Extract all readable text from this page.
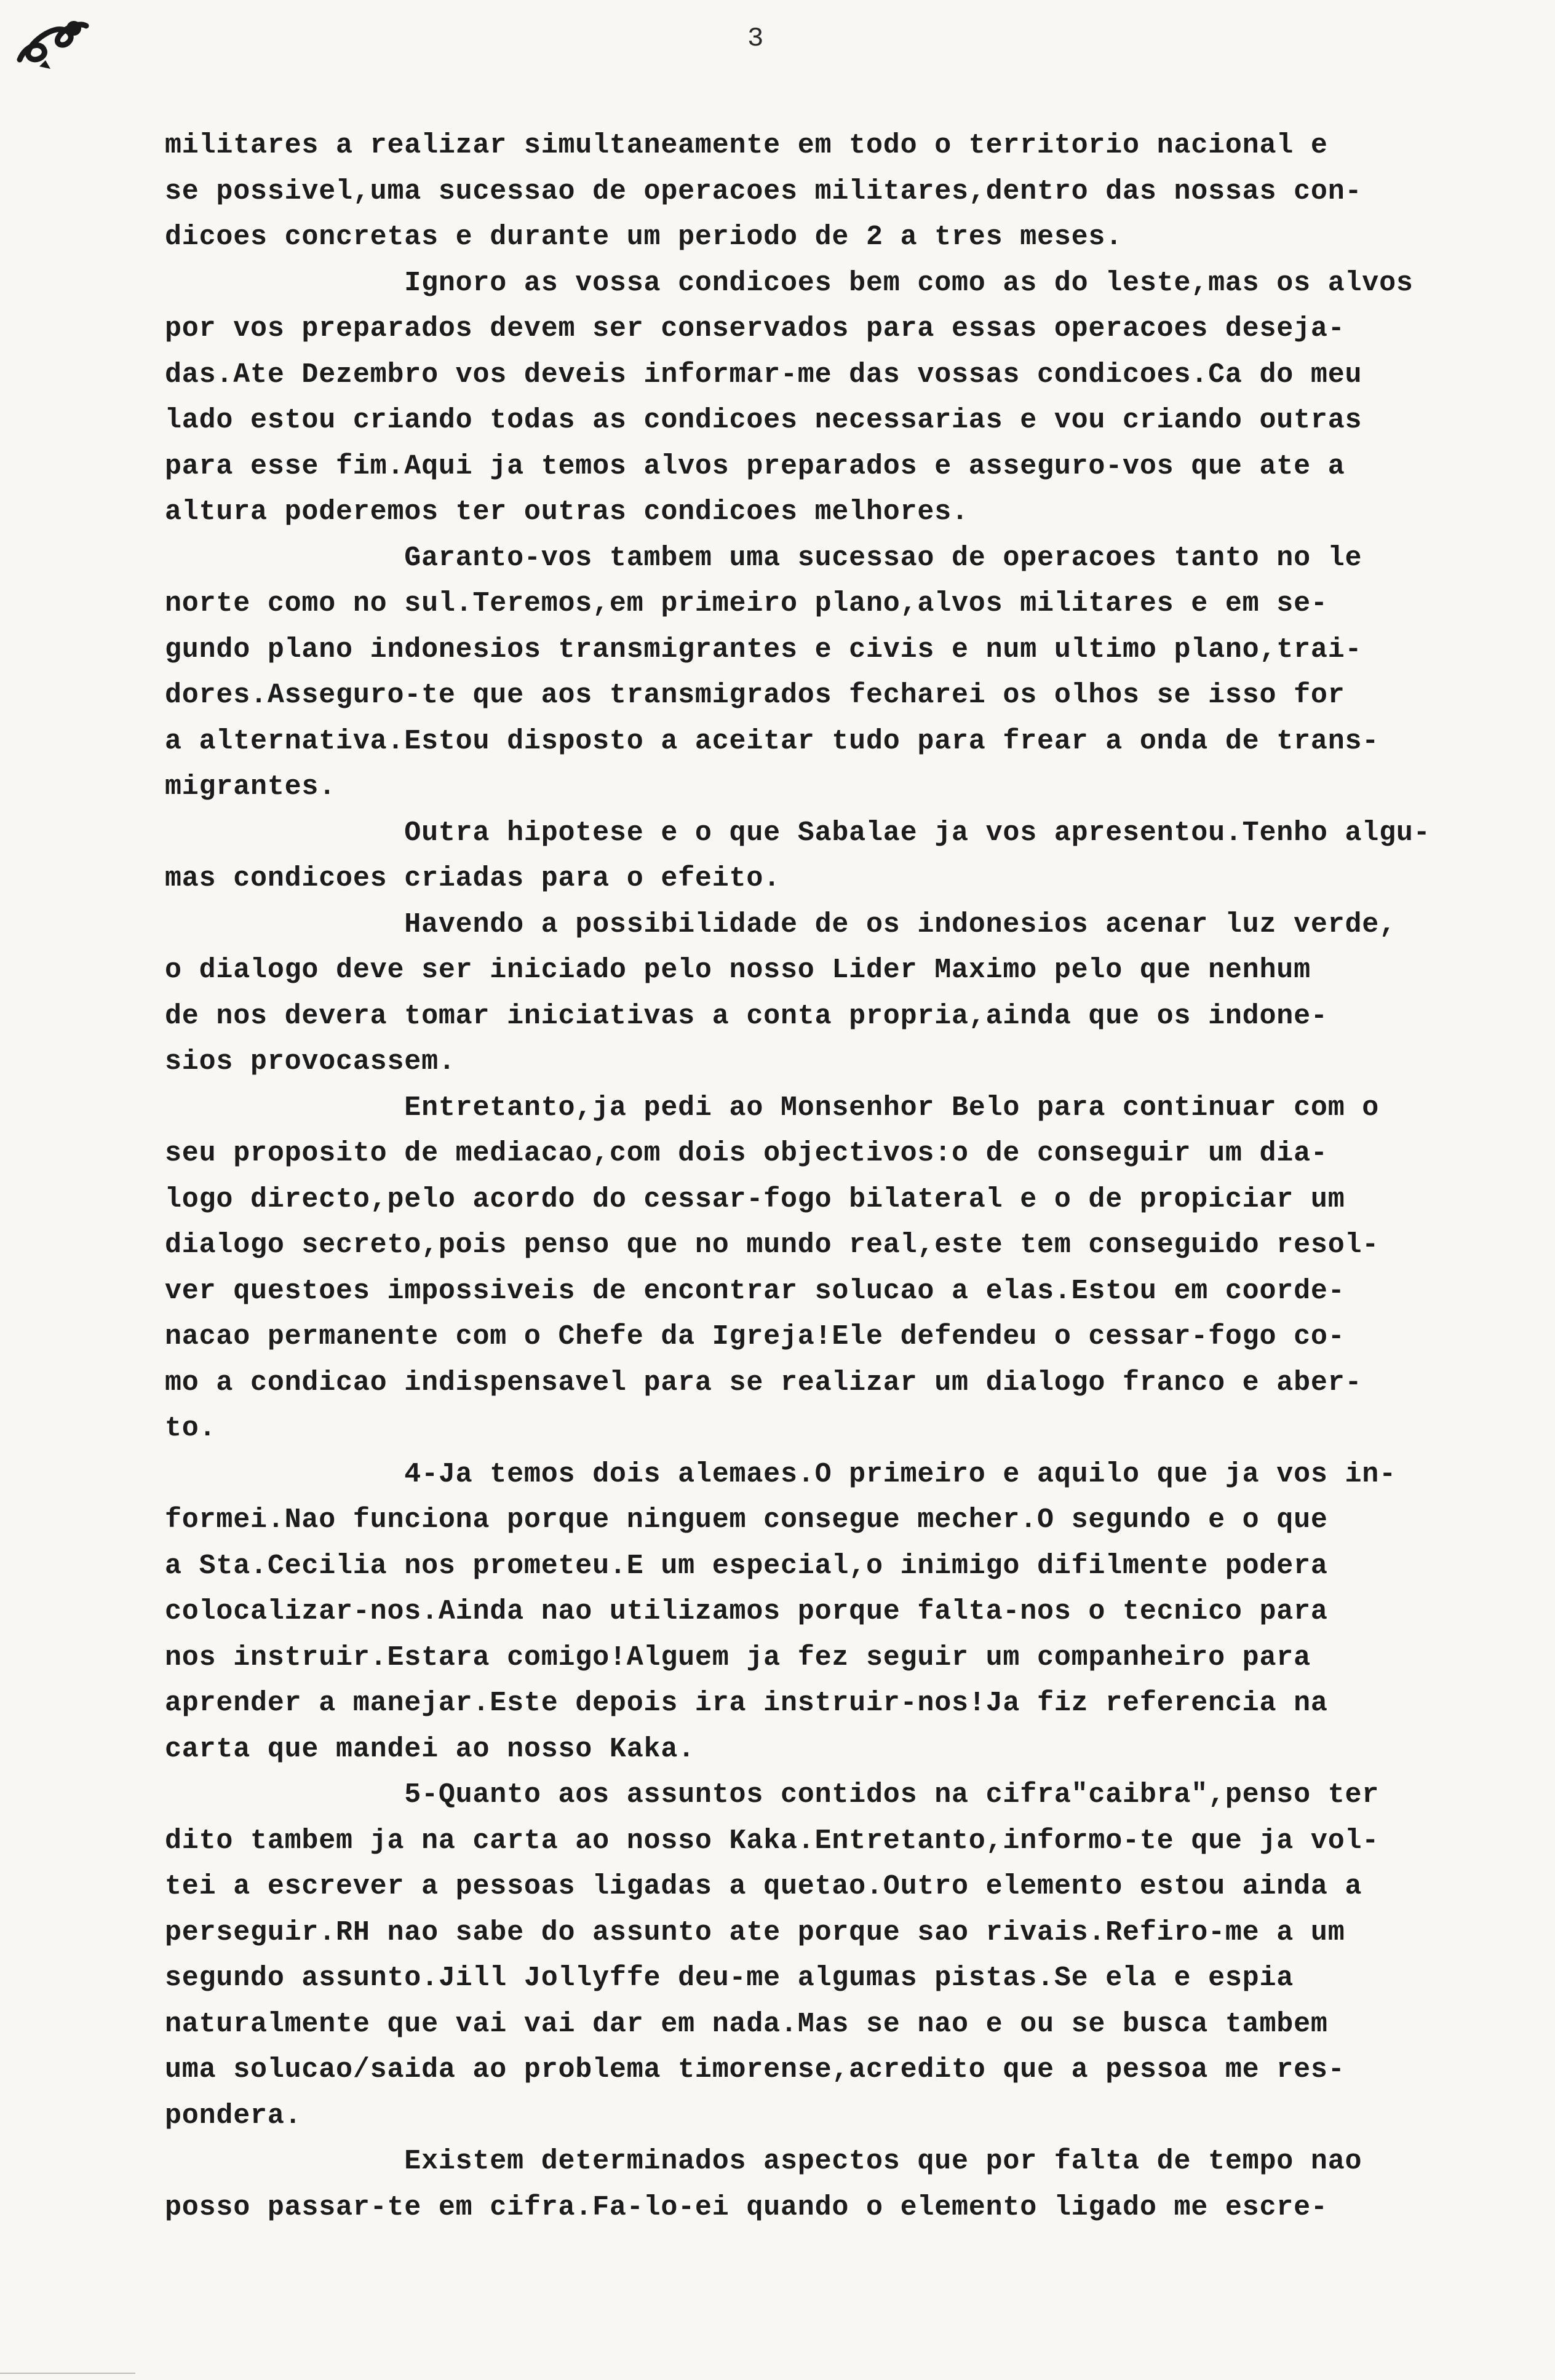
3
militares a realizar simultaneamente em todo o territorio nacional e
se possivel,uma sucessao de operacoes militares,dentro das nossas con-
dicoes concretas e durante um periodo de 2 a tres meses.
Ignoro as vossa condicoes bem como as do leste,mas os alvos
por vos preparados devem ser conservados para essas operacoes deseja-
das.Ate Dezembro vos deveis informar-me das vossas condicoes.Ca do meu
lado estou criando todas as condicoes necessarias e vou criando outras
para esse fim.Aqui ja temos alvos preparados e asseguro-vos que ate a
altura poderemos ter outras condicoes melhores.
Garanto-vos tambem uma sucessao de operacoes tanto no le
norte como no sul.Teremos,em primeiro plano,alvos militares e em se-
gundo plano indonesios transmigrantes e civis e num ultimo plano,trai-
dores.Asseguro-te que aos transmigrados fecharei os olhos se isso for
a alternativa.Estou disposto a aceitar tudo para frear a onda de trans-
migrantes.
Outra hipotese e o que Sabalae ja vos apresentou.Tenho algu-
mas condicoes criadas para o efeito.
Havendo a possibilidade de os indonesios acenar luz verde,
o dialogo deve ser iniciado pelo nosso Lider Maximo pelo que nenhum
de nos devera tomar iniciativas a conta propria,ainda que os indone-
sios provocassem.
Entretanto,ja pedi ao Monsenhor Belo para continuar com o
seu proposito de mediacao,com dois objectivos:o de conseguir um dia-
logo directo,pelo acordo do cessar-fogo bilateral e o de propiciar um
dialogo secreto,pois penso que no mundo real,este tem conseguido resol-
ver questoes impossiveis de encontrar solucao a elas.Estou em coorde-
nacao permanente com o Chefe da Igreja!Ele defendeu o cessar-fogo co-
mo a condicao indispensavel para se realizar um dialogo franco e aber-
to.
4-Ja temos dois alemaes.O primeiro e aquilo que ja vos in-
formei.Nao funciona porque ninguem consegue mecher.O segundo e o que
a Sta.Cecilia nos prometeu.E um especial,o inimigo difilmente podera
colocalizar-nos.Ainda nao utilizamos porque falta-nos o tecnico para
nos instruir.Estara comigo!Alguem ja fez seguir um companheiro para
aprender a manejar.Este depois ira instruir-nos!Ja fiz referencia na
carta que mandei ao nosso Kaka.
5-Quanto aos assuntos contidos na cifra"caibra",penso ter
dito tambem ja na carta ao nosso Kaka.Entretanto,informo-te que ja vol-
tei a escrever a pessoas ligadas a quetao.Outro elemento estou ainda a
perseguir.RH nao sabe do assunto ate porque sao rivais.Refiro-me a um
segundo assunto.Jill Jollyffe deu-me algumas pistas.Se ela e espia
naturalmente que vai vai dar em nada.Mas se nao e ou se busca tambem
uma solucao/saida ao problema timorense,acredito que a pessoa me res-
pondera.
Existem determinados aspectos que por falta de tempo nao
posso passar-te em cifra.Fa-lo-ei quando o elemento ligado me escre-
